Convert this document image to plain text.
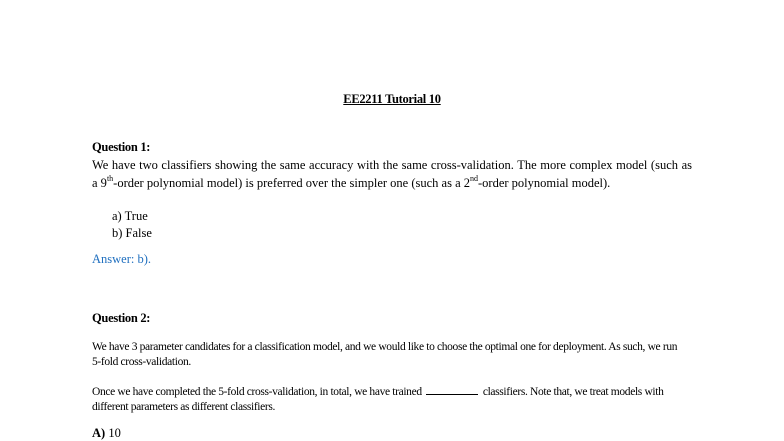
EE2211 Tutorial 10
Question 1:
We have two classifiers showing the same accuracy with the same cross-validation. The more complex model (such as a 9th-order polynomial model) is preferred over the simpler one (such as a 2nd-order polynomial model).
a) True
b) False
Answer: b).
Question 2:
We have 3 parameter candidates for a classification model, and we would like to choose the optimal one for deployment. As such, we run 5-fold cross-validation.
Once we have completed the 5-fold cross-validation, in total, we have trained	classifiers. Note that, we treat models with different parameters as different classifiers.
A) 10
